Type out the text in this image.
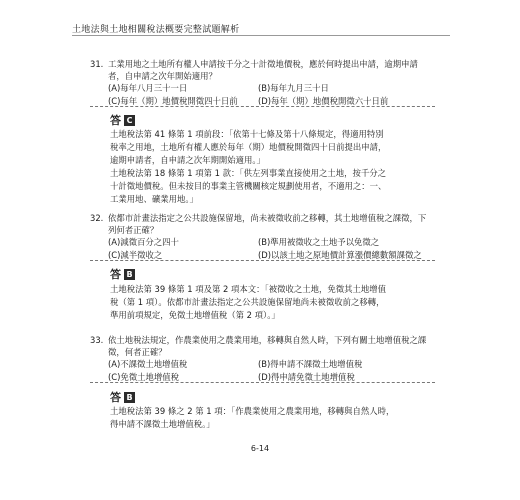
土地法與土地相關稅法概要完整試題解析
31. 工業用地之土地所有權人申請按千分之十計徵地價稅，應於何時提出申請，逾期申請者，自申請之次年開始適用？
(A)每年八月三十一日	(B)每年九月三十日
(C)每年（期）地價稅開徵四十日前	(D)每年（期）地價稅開徵六十日前
答 C
土地稅法第 41 條第 1 項前段：「依第十七條及第十八條規定，得適用特別
稅率之用地，土地所有權人應於每年（期）地價稅開徵四十日前提出申請，
逾期申請者，自申請之次年期開始適用。」
土地稅法第 18 條第 1 項第 1 款：「供左列事業直接使用之土地，按千分之
十計徵地價稅。但未按目的事業主管機關核定規劃使用者，不適用之：一、
工業用地、礦業用地。」
32. 依都市計畫法指定之公共設施保留地，尚未被徵收前之移轉，其土地增值稅之課徵，下列何者正確？
(A)減徵百分之四十	(B)準用被徵收之土地予以免徵之
(C)減半徵收之	(D)以該土地之原地價計算漲價總數額課徵之
答 B
土地稅法第 39 條第 1 項及第 2 項本文：「被徵收之土地，免徵其土地增值
稅（第 1 項）。依都市計畫法指定之公共設施保留地尚未被徵收前之移轉，
準用前項規定，免徵土地增值稅（第 2 項）。」
33. 依土地稅法規定，作農業使用之農業用地，移轉與自然人時，下列有關土地增值稅之課徵，何者正確？
(A)不課徵土地增值稅	(B)得申請不課徵土地增值稅
(C)免徵土地增值稅	(D)得申請免徵土地增值稅
答 B
土地稅法第 39 條之 2 第 1 項：「作農業使用之農業用地，移轉與自然人時，
得申請不課徵土地增值稅。」
6-14
